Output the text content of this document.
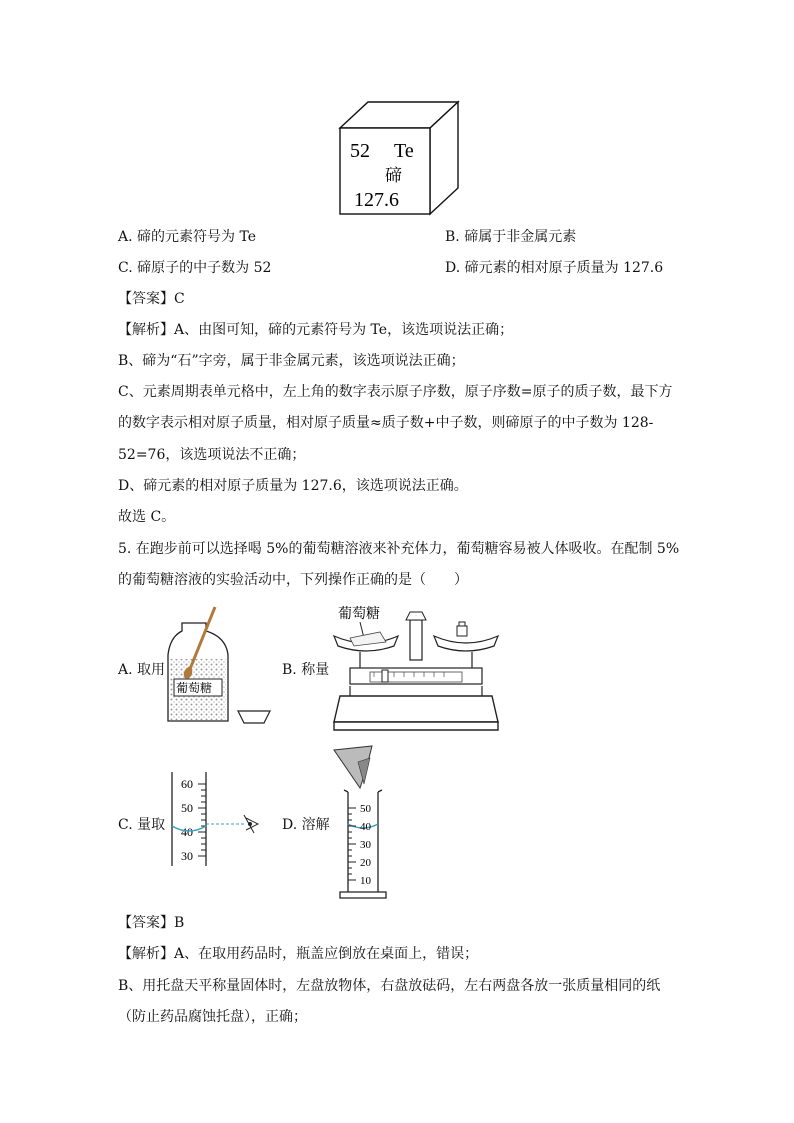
52 Te
碲
127.6
A. 碲的元素符号为 Te	B. 碲属于非金属元素
C. 碲原子的中子数为 52	D. 碲元素的相对原子质量为 127.6
【答案】C
【解析】A、由图可知，碲的元素符号为 Te，该选项说法正确；
B、碲为“石”字旁，属于非金属元素，该选项说法正确；
C、元素周期表单元格中，左上角的数字表示原子序数，原子序数=原子的质子数，最下方
的数字表示相对原子质量，相对原子质量≈质子数+中子数，则碲原子的中子数为 128-
52=76，该选项说法不正确；
D、碲元素的相对原子质量为 127.6，该选项说法正确。
故选 C。
5. 在跑步前可以选择喝 5%的葡萄糖溶液来补充体力，葡萄糖容易被人体吸收。在配制 5%
的葡萄糖溶液的实验活动中，下列操作正确的是（　　）
A. 取用
葡萄糖
B. 称量
葡萄糖
C. 量取
60
50
40
30
D. 溶解
50
40
30
20
10
【答案】B
【解析】A、在取用药品时，瓶盖应倒放在桌面上，错误；
B、用托盘天平称量固体时，左盘放物体，右盘放砝码，左右两盘各放一张质量相同的纸
（防止药品腐蚀托盘），正确；
